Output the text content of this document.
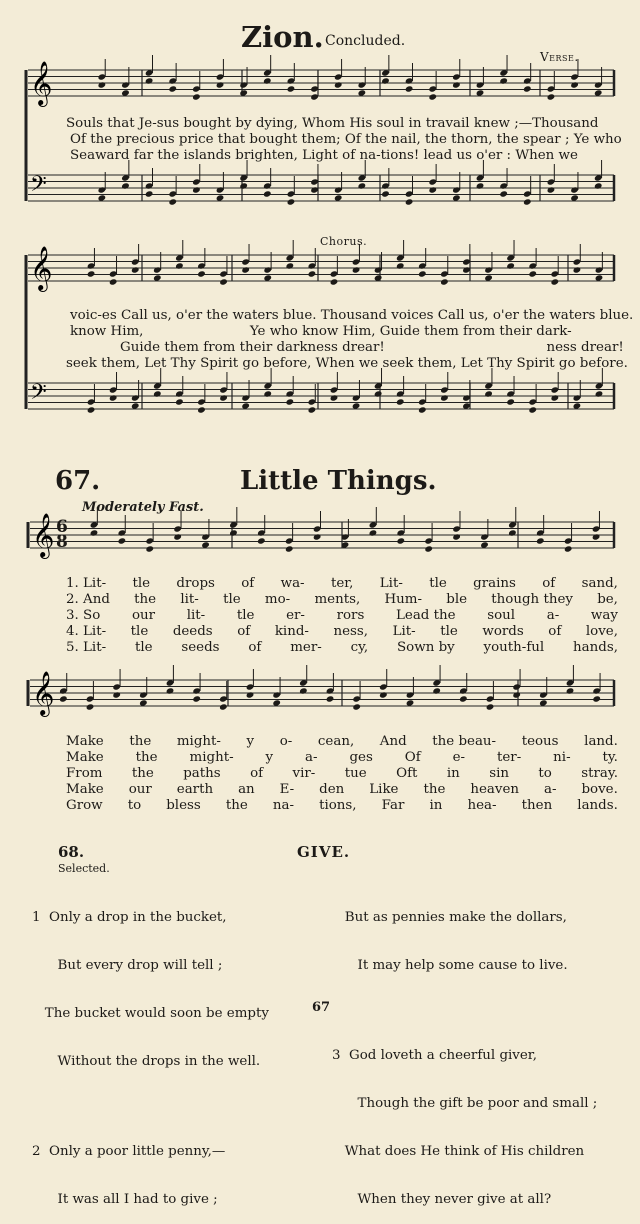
𝄞
𝄢
𝄞
𝄢
𝄞
𝄞
Zion. Concluded.
Verse.
Souls that Je-sus bought by dying, Whom His soul in travail knew ;—Thousand
Of the precious price that bought them; Of the nail, the thorn, the spear ; Ye who
Seaward far the islands brighten, Light of na-tions! lead us o'er : When we
Chorus.
voic-es Call us, o'er the waters blue. Thousand voices Call us, o'er the waters blue.
know Him,                         Ye who know Him, Guide them from their dark-
Guide them from their darkness drear!                                      ness drear!
seek them, Let Thy Spirit go before, When we seek them, Let Thy Spirit go before.
67.	Little Things.
Moderately Fast.
6
8
1. Lit- tle drops of wa- ter, Lit- tle grains of sand,
2. And the lit- tle mo- ments, Hum- ble though they be,
3. So our lit- tle er- rors Lead the soul a- way
4. Lit- tle deeds of kind- ness, Lit- tle words of love,
5. Lit- tle seeds of mer- cy, Sown by youth-ful hands,
Make the might- y o- cean, And the beau- teous land.
Make the might- y a- ges Of e- ter- ni- ty.
From the paths of vir- tue Oft in sin to stray.
Make our earth an E- den Like the heaven a- bove.
Grow to bless the na- tions, Far in hea- then lands.
68.	GIVE.
Selected.

1  Only a drop in the bucket,

But every drop will tell ;

The bucket would soon be empty

Without the drops in the well.

2  Only a poor little penny,—

It was all I had to give ;

But as pennies make the dollars,

It may help some cause to live.

3  God loveth a cheerful giver,

Though the gift be poor and small ;

What does He think of His children

When they never give at all?

67
